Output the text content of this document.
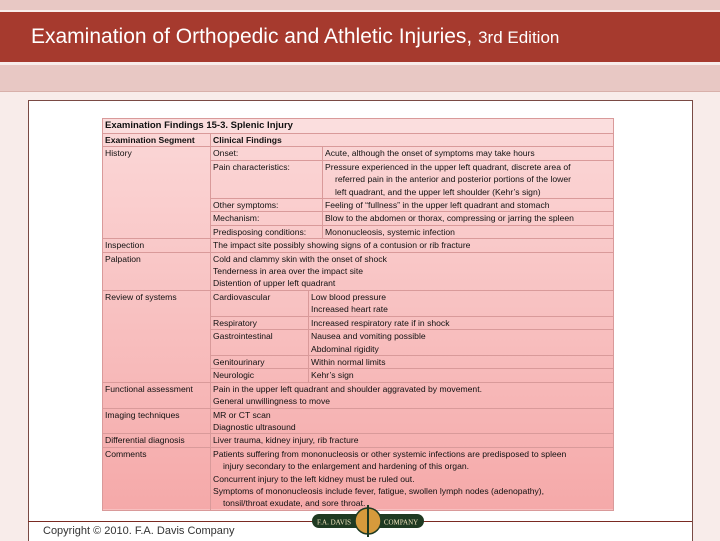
Examination of Orthopedic and Athletic Injuries, 3rd Edition
Examination Findings 15-3. Splenic Injury			
Examination Segment	Clinical Findings		
History	Onset:		Acute, although the onset of symptoms may take hours
	Pain characteristics:		Pressure experienced in the upper left quadrant, discrete area of
referred pain in the anterior and posterior portions of the lower
left quadrant, and the upper left shoulder (Kehr’s sign)

	Other symptoms:		Feeling of “fullness” in the upper left quadrant and stomach
	Mechanism:		Blow to the abdomen or thorax, compressing or jarring the spleen
	Predisposing conditions:		Mononucleosis, systemic infection
Inspection	The impact site possibly showing signs of a contusion or rib fracture		
Palpation	Cold and clammy skin with the onset of shock
Tenderness in area over the impact site
Distention of upper left quadrant		

Review of systems	Cardiovascular	Low blood pressure
Increased heart rate	

	Respiratory	Increased respiratory rate if in shock	
	Gastrointestinal	Nausea and vomiting possible
Abdominal rigidity	

	Genitourinary	Within normal limits	
	Neurologic	Kehr’s sign	
Functional assessment	Pain in the upper left quadrant and shoulder aggravated by movement.
General unwillingness to move		

Imaging techniques	MR or CT scan
Diagnostic ultrasound		

Differential diagnosis	Liver trauma, kidney injury, rib fracture		
Comments	Patients suffering from mononucleosis or other systemic infections are predisposed to spleen
injury secondary to the enlargement and hardening of this organ.
Concurrent injury to the left kidney must be ruled out.
Symptoms of mononucleosis include fever, fatigue, swollen lymph nodes (adenopathy),
tonsil/throat exudate, and sore throat.		
Copyright © 2010. F.A. Davis Company
F.A. DAVIS	COMPANY
